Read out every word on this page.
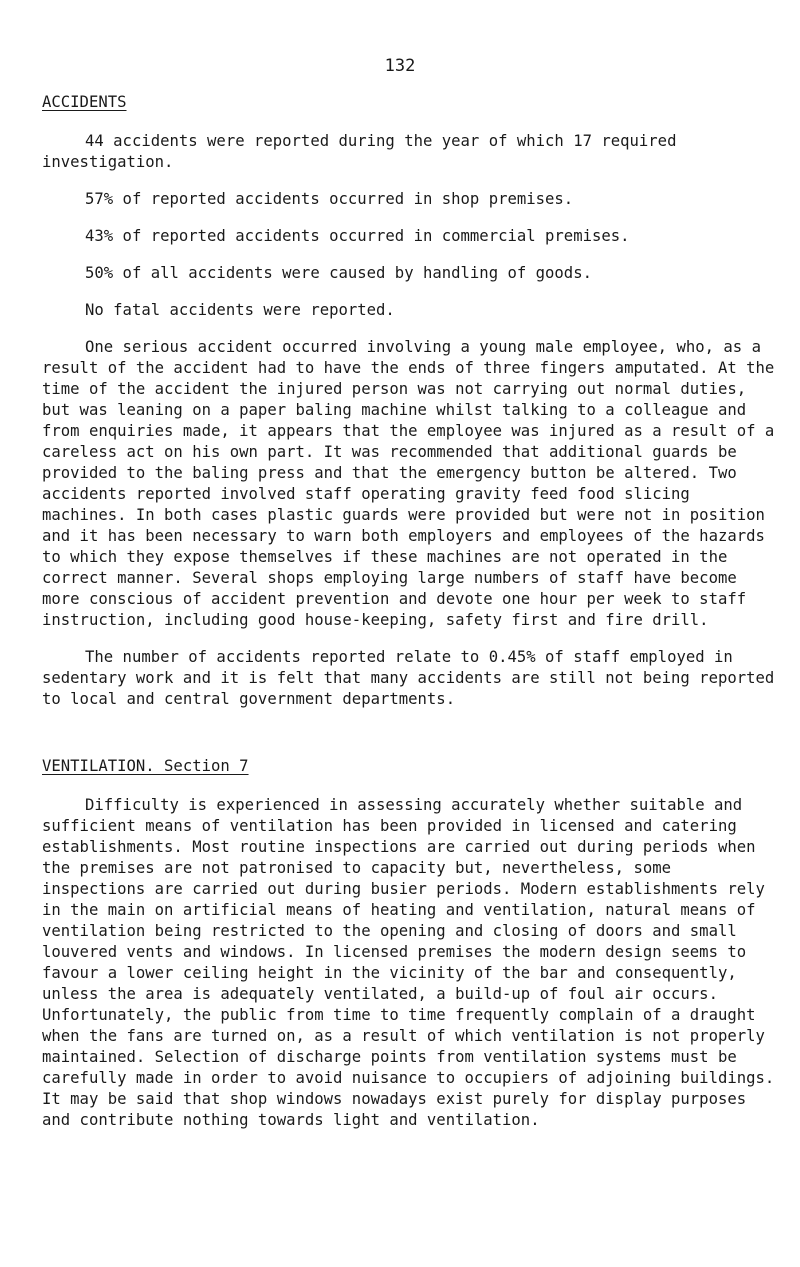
132
ACCIDENTS

44 accidents were reported during the year of which 17 required investigation.

57% of reported accidents occurred in shop premises.

43% of reported accidents occurred in commercial premises.

50% of all accidents were caused by handling of goods.

No fatal accidents were reported.

One serious accident occurred involving a young male employee, who, as a result of the accident had to have the ends of three fingers amputated. At the time of the accident the injured person was not carrying out normal duties, but was leaning on a paper baling machine whilst talking to a colleague and from enquiries made, it appears that the employee was injured as a result of a careless act on his own part. It was recommended that additional guards be provided to the baling press and that the emergency button be altered. Two accidents reported involved staff operating gravity feed food slicing machines. In both cases plastic guards were provided but were not in position and it has been necessary to warn both employers and employees of the hazards to which they expose themselves if these machines are not operated in the correct manner. Several shops employing large numbers of staff have become more conscious of accident prevention and devote one hour per week to staff instruction, including good house-keeping, safety first and fire drill.

The number of accidents reported relate to 0.45% of staff employed in sedentary work and it is felt that many accidents are still not being reported to local and central government departments.

VENTILATION. Section 7

Difficulty is experienced in assessing accurately whether suitable and sufficient means of ventilation has been provided in licensed and catering establishments. Most routine inspections are carried out during periods when the premises are not patronised to capacity but, nevertheless, some inspections are carried out during busier periods. Modern establishments rely in the main on artificial means of heating and ventilation, natural means of ventilation being restricted to the opening and closing of doors and small louvered vents and windows. In licensed premises the modern design seems to favour a lower ceiling height in the vicinity of the bar and consequently, unless the area is adequately ventilated, a build-up of foul air occurs. Unfortunately, the public from time to time frequently complain of a draught when the fans are turned on, as a result of which ventilation is not properly maintained. Selection of discharge points from ventilation systems must be carefully made in order to avoid nuisance to occupiers of adjoining buildings. It may be said that shop windows nowadays exist purely for display purposes and contribute nothing towards light and ventilation.
